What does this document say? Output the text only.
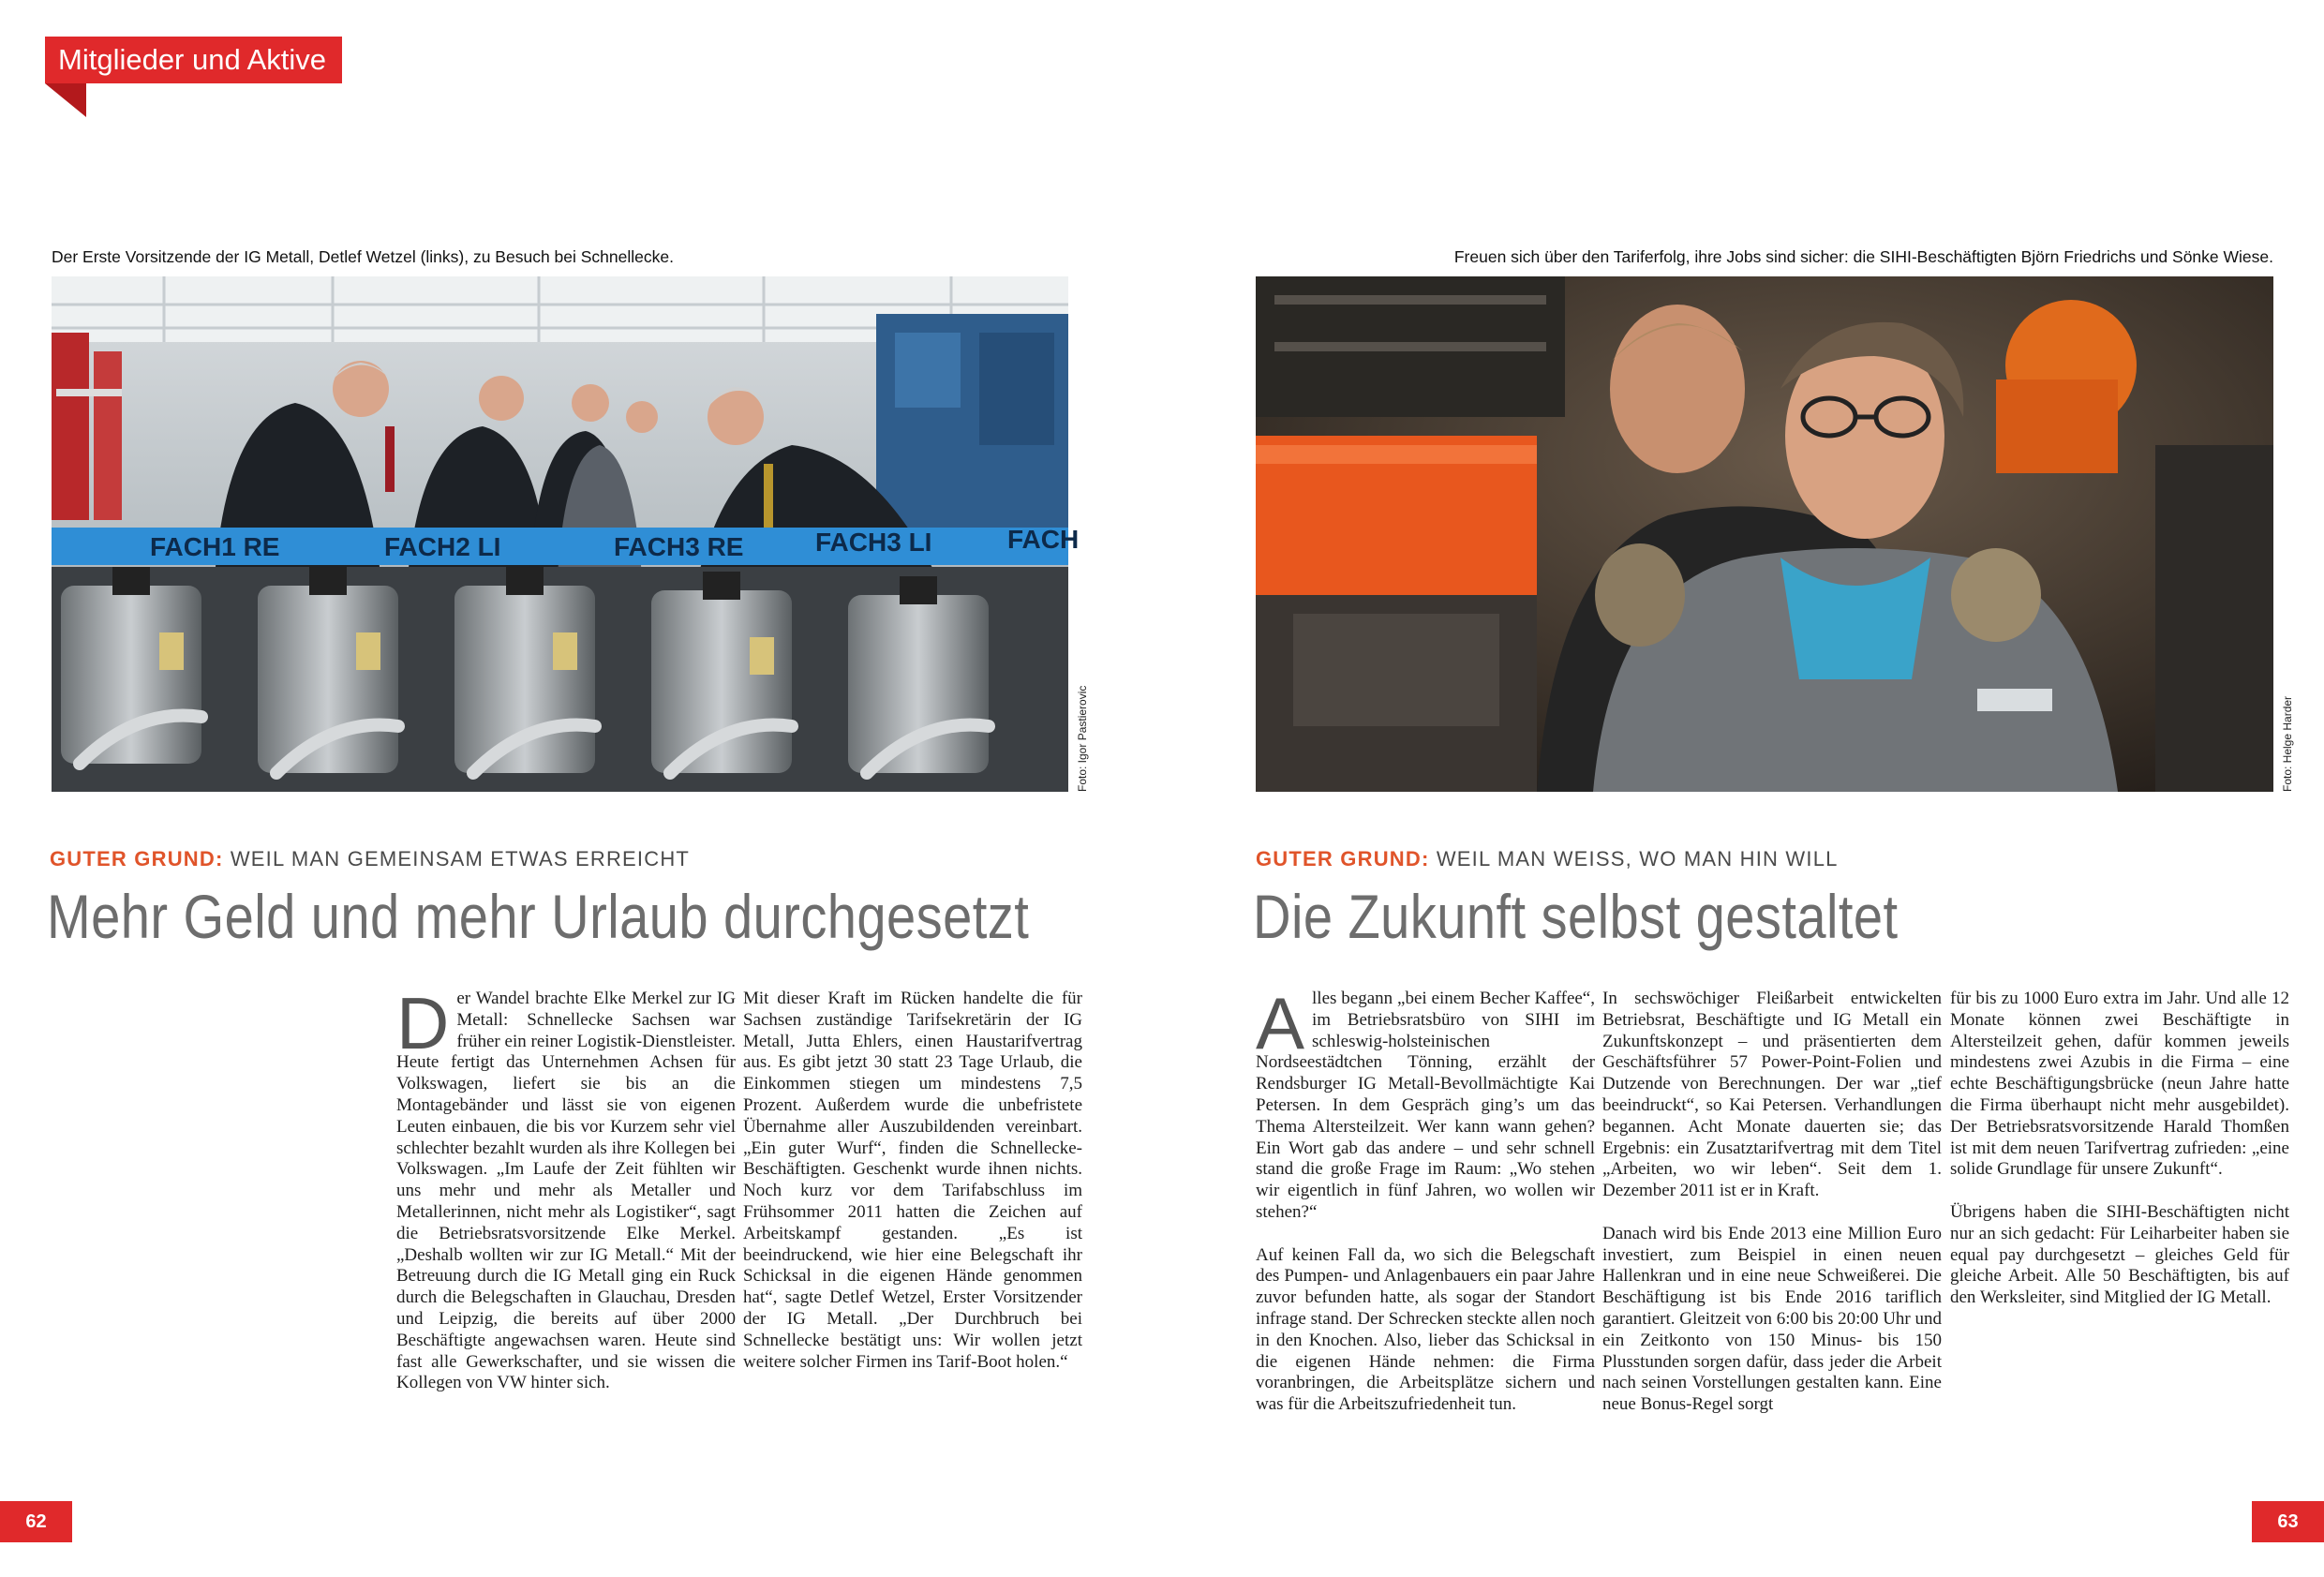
Mitglieder und Aktive
Der Erste Vorsitzende der IG Metall, Detlef Wetzel (links), zu Besuch bei Schnellecke.	Freuen sich über den Tariferfolg, ihre Jobs sind sicher: die SIHI-Beschäftigten Björn Friedrichs und Sönke Wiese.
FACH1 RE	FACH2 LI	FACH3 RE	FACH3 LI	FACH
Foto: Igor Pastierovic	Foto: Helge Harder
GUTER GRUND: WEIL MAN GEMEINSAM ETWAS ERREICHT	GUTER GRUND: WEIL MAN WEISS, WO MAN HIN WILL
Mehr Geld und mehr Urlaub durchgesetzt	Die Zukunft selbst gestaltet

Der Wandel brachte Elke Merkel zur IG Metall: Schnellecke Sachsen war früher ein reiner Logistik-Dienstleister. Heute fertigt das Unternehmen Achsen für Volkswagen, liefert sie bis an die Montagebänder und lässt sie von eigenen Leuten einbauen, die bis vor Kurzem sehr viel schlechter bezahlt wurden als ihre Kollegen bei Volkswagen. „Im Laufe der Zeit fühlten wir uns mehr und mehr als Metaller und Metallerinnen, nicht mehr als Logistiker“, sagt die Betriebsratsvorsitzende Elke Merkel. „Deshalb wollten wir zur IG Metall.“ Mit der Betreuung durch die IG Metall ging ein Ruck durch die Belegschaften in Glauchau, Dresden und Leipzig, die bereits auf über 2000 Beschäftigte angewachsen waren. Heute sind fast alle Gewerkschafter, und sie wissen die Kollegen von VW hinter sich.

Mit dieser Kraft im Rücken handelte die für Sachsen zuständige Tarifsekretärin der IG Metall, Jutta Ehlers, einen Haustarifvertrag aus. Es gibt jetzt 30 statt 23 Tage Urlaub, die Einkommen stiegen um mindestens 7,5 Prozent. Außerdem wurde die unbefristete Übernahme aller Auszubildenden vereinbart. „Ein guter Wurf“, finden die Schnellecke-Beschäftigten. Geschenkt wurde ihnen nichts. Noch kurz vor dem Tarifabschluss im Frühsommer 2011 hatten die Zeichen auf Arbeitskampf gestanden. „Es ist beeindruckend, wie hier eine Belegschaft ihr Schicksal in die eigenen Hände genommen hat“, sagte Detlef Wetzel, Erster Vorsitzender der IG Metall. „Der Durchbruch bei Schnellecke bestätigt uns: Wir wollen jetzt weitere solcher Firmen ins Tarif-Boot holen.“

Alles begann „bei einem Becher Kaffee“, im Betriebsratsbüro von SIHI im schleswig-holsteinischen Nordseestädtchen Tönning, erzählt der Rendsburger IG Metall-Bevollmächtigte Kai Petersen. In dem Gespräch ging’s um das Thema Altersteilzeit. Wer kann wann gehen? Ein Wort gab das andere – und sehr schnell stand die große Frage im Raum: „Wo stehen wir eigentlich in fünf Jahren, wo wollen wir stehen?“

Auf keinen Fall da, wo sich die Belegschaft des Pumpen- und Anlagenbauers ein paar Jahre zuvor befunden hatte, als sogar der Standort infrage stand. Der Schrecken steckte allen noch in den Knochen. Also, lieber das Schicksal in die eigenen Hände nehmen: die Firma voranbringen, die Arbeitsplätze sichern und was für die Arbeitszufriedenheit tun.

In sechswöchiger Fleißarbeit entwickelten Betriebsrat, Beschäftigte und IG Metall ein Zukunftskonzept – und präsentierten dem Geschäftsführer 57 Power-Point-Folien und Dutzende von Berechnungen. Der war „tief beeindruckt“, so Kai Petersen. Verhandlungen begannen. Acht Monate dauerten sie; das Ergebnis: ein Zusatztarifvertrag mit dem Titel „Arbeiten, wo wir leben“. Seit dem 1. Dezember 2011 ist er in Kraft.

Danach wird bis Ende 2013 eine Million Euro investiert, zum Beispiel in einen neuen Hallenkran und in eine neue Schweißerei. Die Beschäftigung ist bis Ende 2016 tariflich garantiert. Gleitzeit von 6:00 bis 20:00 Uhr und ein Zeitkonto von 150 Minus- bis 150 Plusstunden sorgen dafür, dass jeder die Arbeit nach seinen Vorstellungen gestalten kann. Eine neue Bonus-Regel sorgt

für bis zu 1000 Euro extra im Jahr. Und alle 12 Monate können zwei Beschäftigte in Altersteilzeit gehen, dafür kommen jeweils mindestens zwei Azubis in die Firma – eine echte Beschäftigungsbrücke (neun Jahre hatte die Firma überhaupt nicht mehr ausgebildet). Der Betriebsratsvorsitzende Harald Thomßen ist mit dem neuen Tarifvertrag zufrieden: „eine solide Grundlage für unsere Zukunft“.

Übrigens haben die SIHI-Beschäftigten nicht nur an sich gedacht: Für Leiharbeiter haben sie equal pay durchgesetzt – gleiches Geld für gleiche Arbeit. Alle 50 Beschäftigten, bis auf den Werksleiter, sind Mitglied der IG Metall.

62	63
